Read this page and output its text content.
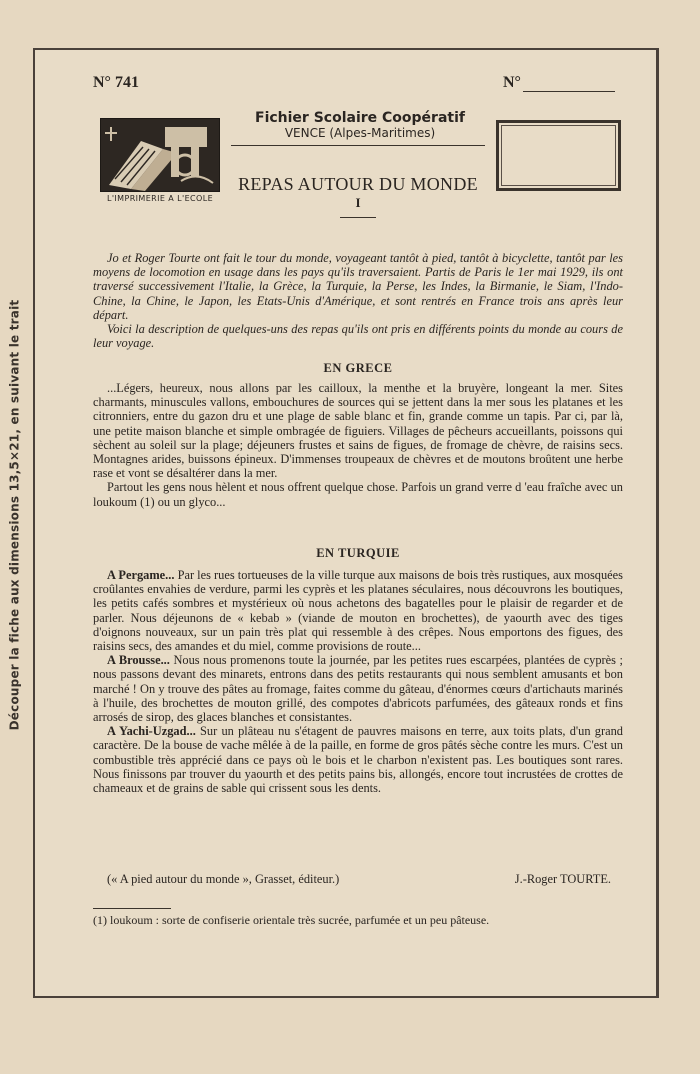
Découper la fiche aux dimensions 13,5×21, en suivant le trait
N° 741	N°
L'IMPRIMERIE A L'ECOLE
Fichier Scolaire Coopératif
VENCE (Alpes-Maritimes)
REPAS AUTOUR DU MONDE
I

Jo et Roger Tourte ont fait le tour du monde, voyageant tantôt à pied, tantôt à bicyclette, tantôt par les moyens de locomotion en usage dans les pays qu'ils traversaient. Partis de Paris le 1er mai 1929, ils ont traversé successivement l'Italie, la Grèce, la Turquie, la Perse, les Indes, la Birmanie, le Siam, l'Indo-Chine, la Chine, le Japon, les Etats-Unis d'Amérique, et sont rentrés en France trois ans après leur départ.

Voici la description de quelques-uns des repas qu'ils ont pris en différents points du monde au cours de leur voyage.

EN GRECE

...Légers, heureux, nous allons par les cailloux, la menthe et la bruyère, longeant la mer. Sites charmants, minuscules vallons, embouchures de sources qui se jettent dans la mer sous les platanes et les citronniers, entre du gazon dru et une plage de sable blanc et fin, grande comme un tapis. Par ci, par là, une petite maison blanche et simple ombragée de figuiers. Villages de pêcheurs accueillants, poissons qui sèchent au soleil sur la plage; déjeuners frustes et sains de figues, de fromage de chèvre, de raisins secs. Montagnes arides, buissons épineux. D'immenses troupeaux de chèvres et de moutons broûtent une herbe rase et vont se désaltérer dans la mer.

Partout les gens nous hèlent et nous offrent quelque chose. Parfois un grand verre d 'eau fraîche avec un loukoum (1) ou un glyco...

EN TURQUIE

A Pergame... Par les rues tortueuses de la ville turque aux maisons de bois très rustiques, aux mosquées croûlantes envahies de verdure, parmi les cyprès et les platanes séculaires, nous découvrons les boutiques, les petits cafés sombres et mystérieux où nous achetons des bagatelles pour le plaisir de regarder et de parler. Nous déjeunons de « kebab » (viande de mouton en brochettes), de yaourth avec des tiges d'oignons nouveaux, sur un pain très plat qui ressemble à des crêpes. Nous emportons des figues, des raisins secs, des amandes et du miel, comme provisions de route...

A Brousse... Nous nous promenons toute la journée, par les petites rues escarpées, plantées de cyprès ; nous passons devant des minarets, entrons dans des petits restaurants qui nous semblent amusants et bon marché ! On y trouve des pâtes au fromage, faites comme du gâteau, d'énormes cœurs d'artichauts marinés à l'huile, des brochettes de mouton grillé, des compotes d'abricots parfumées, des gâteaux ronds et fins arrosés de sirop, des glaces blanches et consistantes.

A Yachi-Uzgad... Sur un plâteau nu s'étagent de pauvres maisons en terre, aux toits plats, d'un grand caractère. De la bouse de vache mêlée à de la paille, en forme de gros pâtés sèche contre les murs. C'est un combustible très apprécié dans ce pays où le bois et le charbon n'existent pas. Les boutiques sont rares. Nous finissons par trouver du yaourth et des petits pains bis, allongés, encore tout incrustées de crottes de chameaux et de grains de sable qui crissent sous les dents.

(« A pied autour du monde », Grasset, éditeur.)	J.-Roger TOURTE.
(1) loukoum : sorte de confiserie orientale très sucrée, parfumée et un peu pâteuse.
